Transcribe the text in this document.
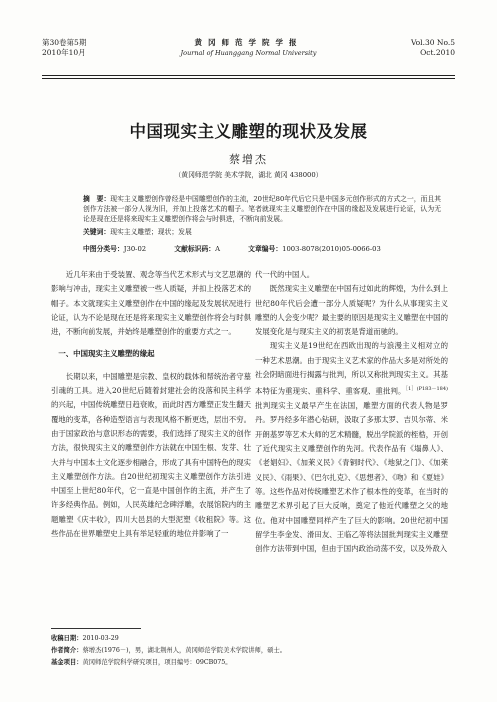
第30卷第5期
2010年10月
黄冈师范学院学报
Journal of Huanggang Normal University
Vol.30 No.5
Oct.2010
中国现实主义雕塑的现状及发展
蔡增杰
（黄冈师范学院 美术学院，湖北 黄冈 438000）
摘　要：现实主义雕塑创作曾经是中国雕塑创作的主流，20世纪80年代后它只是中国多元创作形式的方式之一，而且其创作方法被一部分人视为旧，并加上投落艺术的帽子。笔者就现实主义雕塑创作在中国的缘起及发展进行论证，认为无论是现在还是将来现实主义雕塑创作将会与时俱进，不断向前发展。
关键词：现实主义雕塑；现状；发展
中图分类号：J30-02	文献标识码：A	文章编号：1003-8078(2010)05-0066-03

近几年来由于受装置、观念等当代艺术形式与文艺思潮的影响与冲击，现实主义雕塑被一些人质疑，并扣上投落艺术的帽子。本文就现实主义雕塑创作在中国的缘起及发展状况进行论证，认为不论是现在还是将来现实主义雕塑创作将会与时俱进，不断向前发展，并始终是雕塑创作的重要方式之一。

一、中国现实主义雕塑的缘起

长期以来，中国雕塑是宗教、皇权的载体和帮统治者守墓引魂的工具。进入20世纪后随着封建社会的没落和民主科学的兴起，中国传统雕塑日趋衰败，而此时西方雕塑正发生翻天覆地的变革，各种造型语言与表现风格不断更迭，层出不穷。由于国家政治与意识形态的需要，我们选择了现实主义的创作方法，很快现实主义的雕塑创作方法就在中国生根、发芽、壮大并与中国本土文化逐步相融合，形成了具有中国特色的现实主义雕塑创作方法。自20世纪初现实主义雕塑创作方法引进中国至上世纪80年代，它一直是中国创作的主流，并产生了许多经典作品。例如，人民英雄纪念碑浮雕，农展馆院内的主题雕塑《庆丰收》，四川大邑县的大型泥塑《收租院》等。这些作品在世界雕塑史上具有举足轻重的地位并影响了一

代一代的中国人。

既然现实主义雕塑在中国有过如此的辉煌，为什么到上世纪80年代后会遭一部分人质疑呢？为什么从事现实主义雕塑的人会变少呢？最主要的原因是现实主义雕塑在中国的发展变化是与现实主义的初衷是背道而驰的。

现实主义是19世纪在西欧出现的与浪漫主义相对立的一种艺术思潮。由于现实主义艺术家的作品大多是对所处的社会阴暗面进行揭露与批判，所以又称批判现实主义。其基本特征为重现实、重科学、重客观、重批判。$^{[1](P183-184)}$批判现实主义最早产生在法国，雕塑方面的代表人物是罗丹。罗丹经多年潜心钻研，汲取了多那太罗、吉贝尔蒂、米开朗基罗等艺术大师的艺术精髓，脱出学院派的桎梏，开创了近代现实主义雕塑创作的先河。代表作品有《塌鼻人》、《老娼妇》、《加莱义民》《青铜时代》、《地狱之门》、《加莱义民》、《雨果》、《巴尔扎克》、《思想者》、《吻》和《夏娃》等。这些作品对传统雕塑艺术作了根本性的变革，在当时的雕塑艺术界引起了巨大反响，奠定了他近代雕塑之父的地位。他对中国雕塑同样产生了巨大的影响。20世纪初中国留学生李金发、滑田友、王临乙等将法国批判现实主义雕塑创作方法带到中国，但由于国内政治动荡不安，以及外敌入

收稿日期：2010-03-29
作者简介：蔡增杰(1976－)，男，湖北荆州人，黄冈师范学院美术学院讲师，硕士。
基金项目：黄冈师范学院科学研究项目，项目编号：09CB075。
